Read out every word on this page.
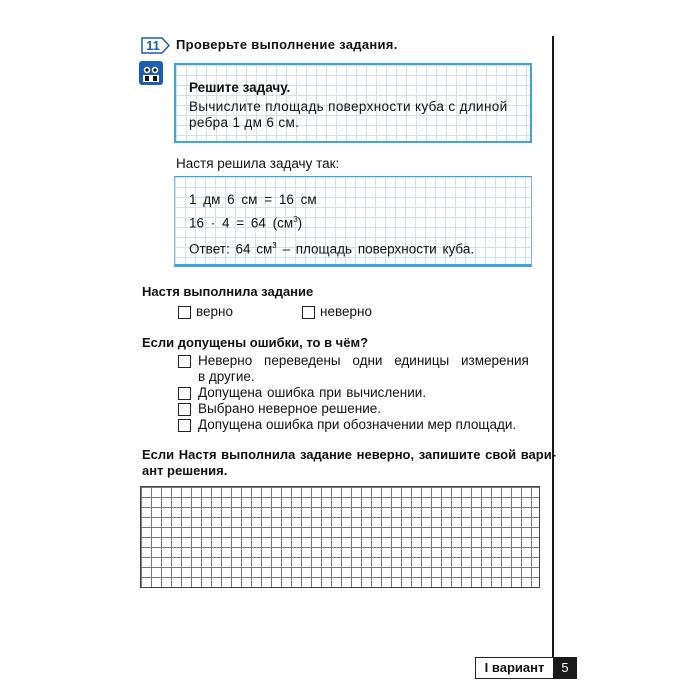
11	Проверьте выполнение задания.
Решите задачу.
Вычислите площадь поверхности куба с длиной
ребра 1 дм 6 см.
Настя решила задачу так:
1 дм 6 см = 16 см
16 · 4 = 64 $(см^3)$
Ответ: 64 $см^3$ – площадь поверхности куба.
Настя выполнила задание
верно	неверно
Если допущены ошибки, то в чём?
Неверно переведены одни единицы измерения
в другие.
Допущена ошибка при вычислении.
Выбрано неверное решение.
Допущена ошибка при обозначении мер площади.
Если Настя выполнила задание неверно, запишите свой вари-
ант решения.
I вариант	5
